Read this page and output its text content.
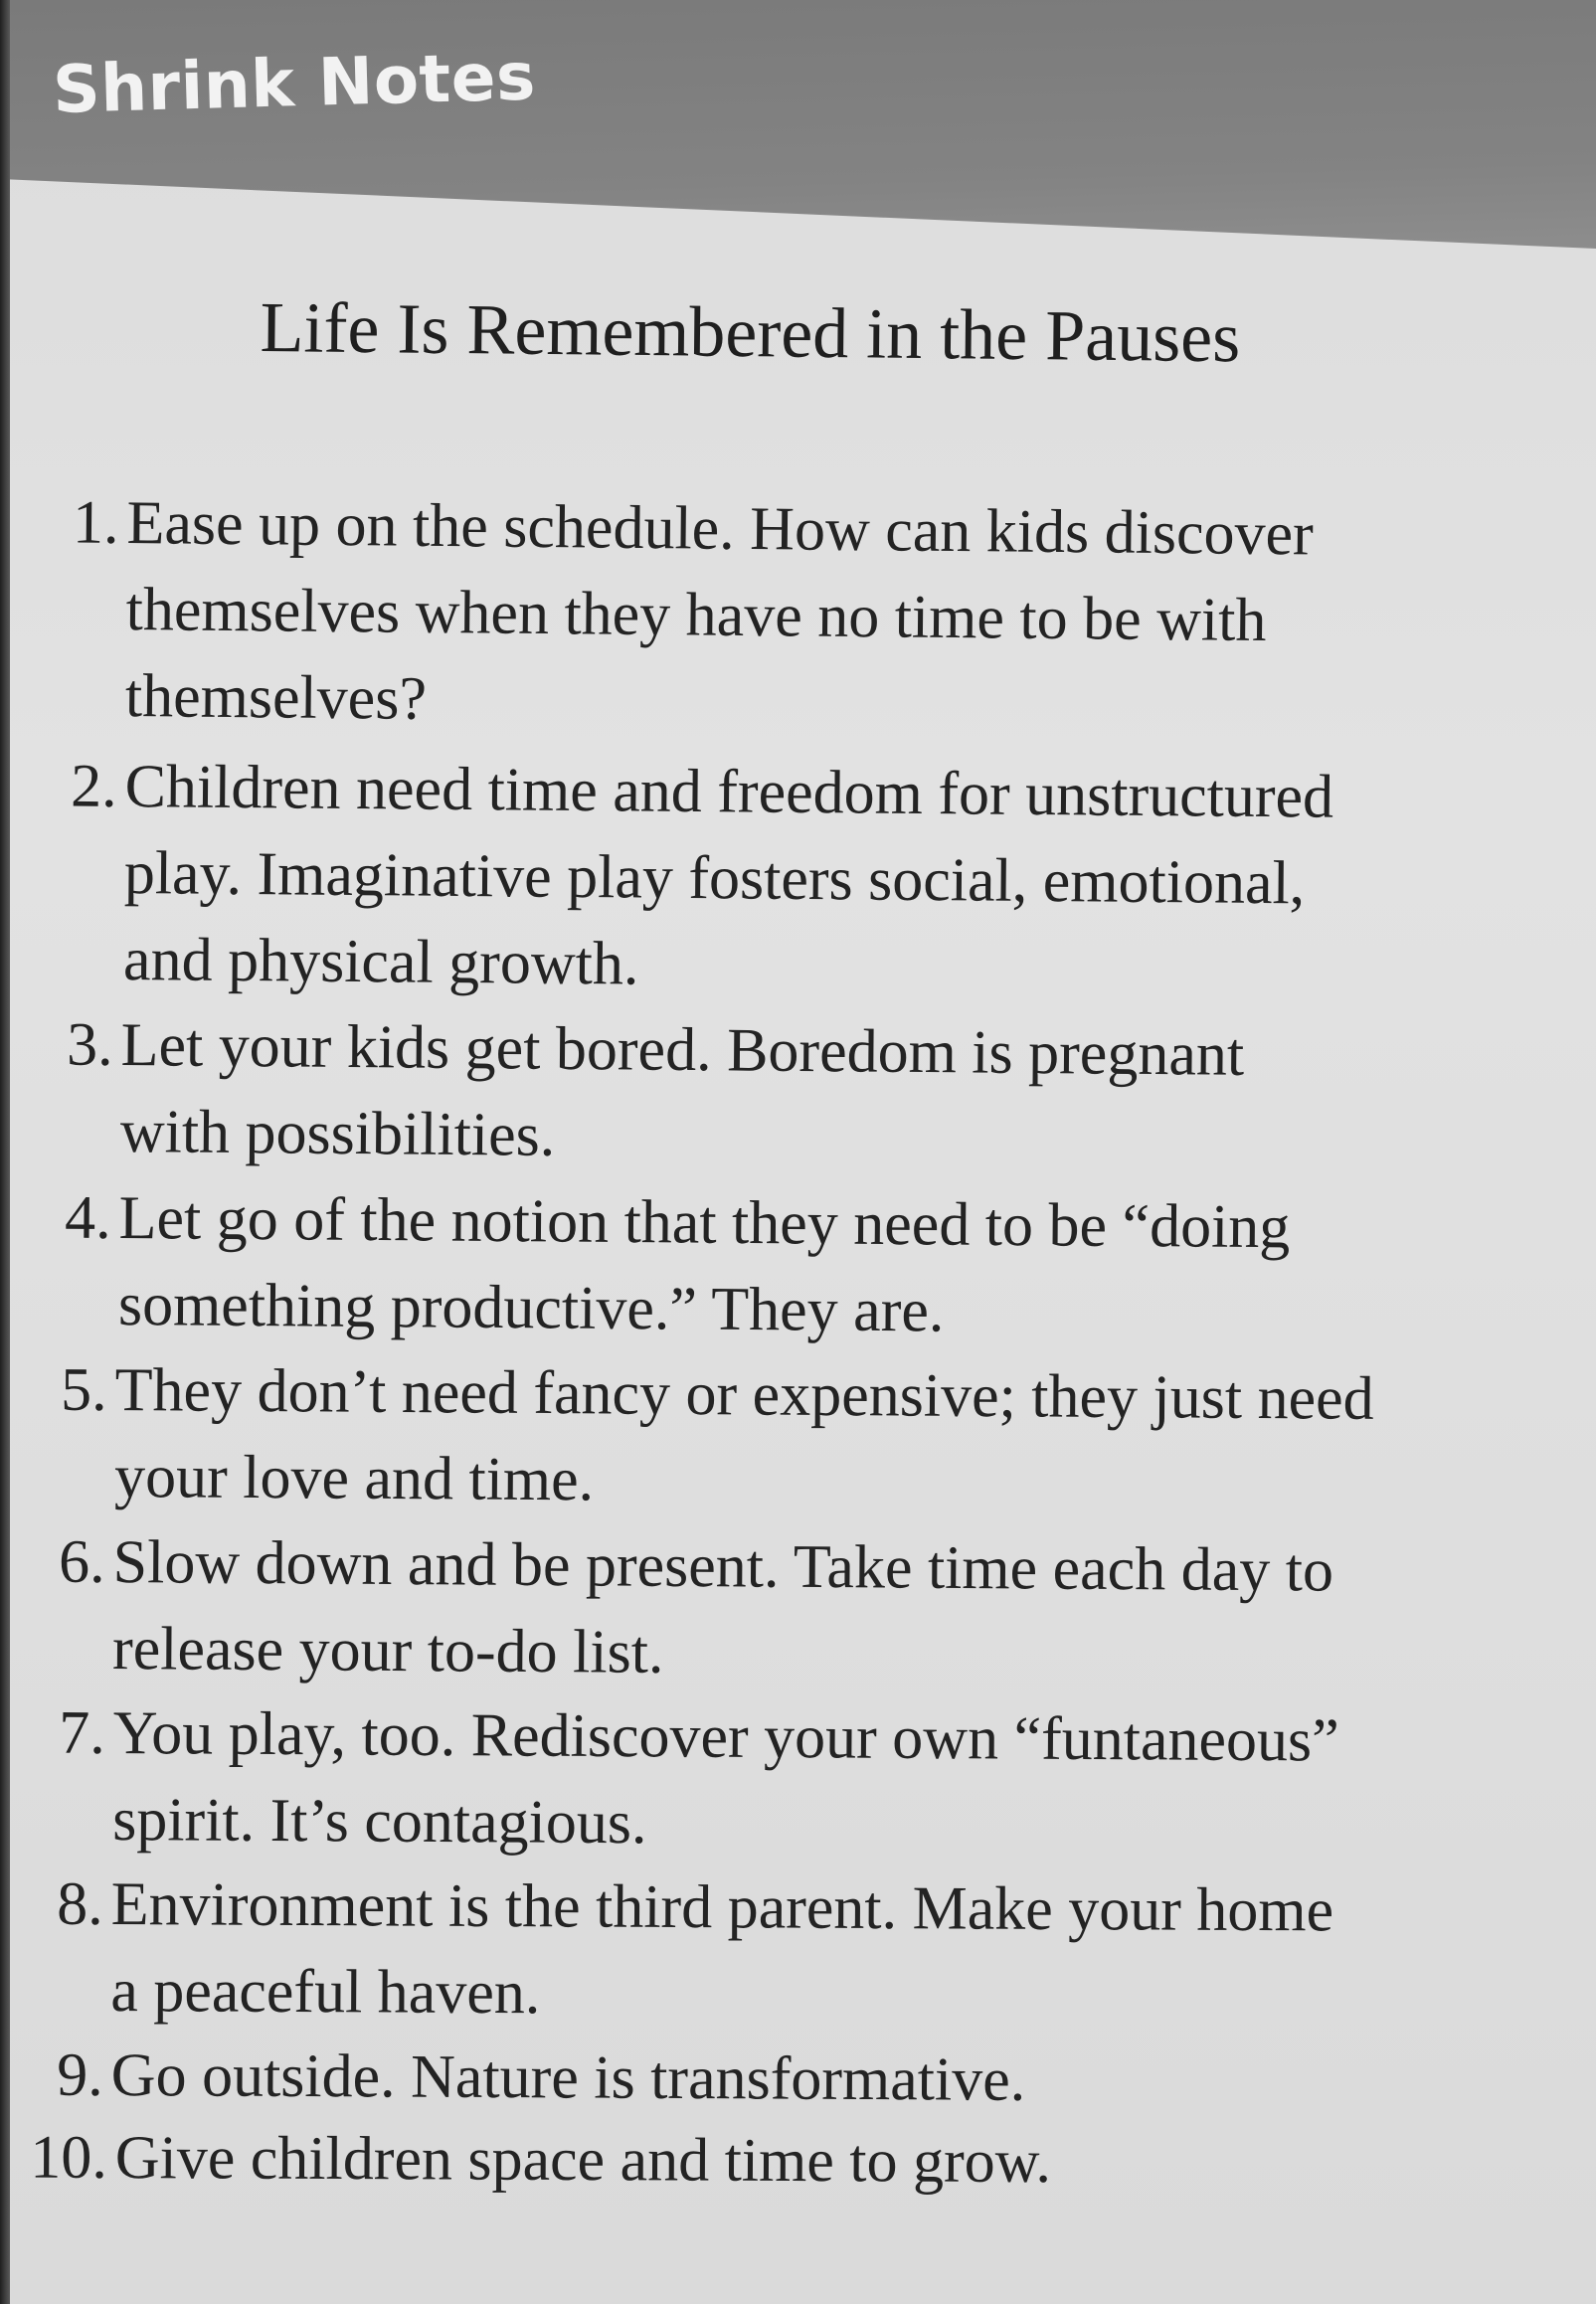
Shrink Notes
Life Is Remembered in the Pauses
1. Ease up on the schedule. How can kids discover
themselves when they have no time to be with
themselves?
2. Children need time and freedom for unstructured
play. Imaginative play fosters social, emotional,
and physical growth.
3. Let your kids get bored. Boredom is pregnant
with possibilities.
4. Let go of the notion that they need to be “doing
something productive.” They are.
5. They don’t need fancy or expensive; they just need
your love and time.
6. Slow down and be present. Take time each day to
release your to-do list.
7. You play, too. Rediscover your own “funtaneous”
spirit. It’s contagious.
8. Environment is the third parent. Make your home
a peaceful haven.
9. Go outside. Nature is transformative.
10. Give children space and time to grow.
